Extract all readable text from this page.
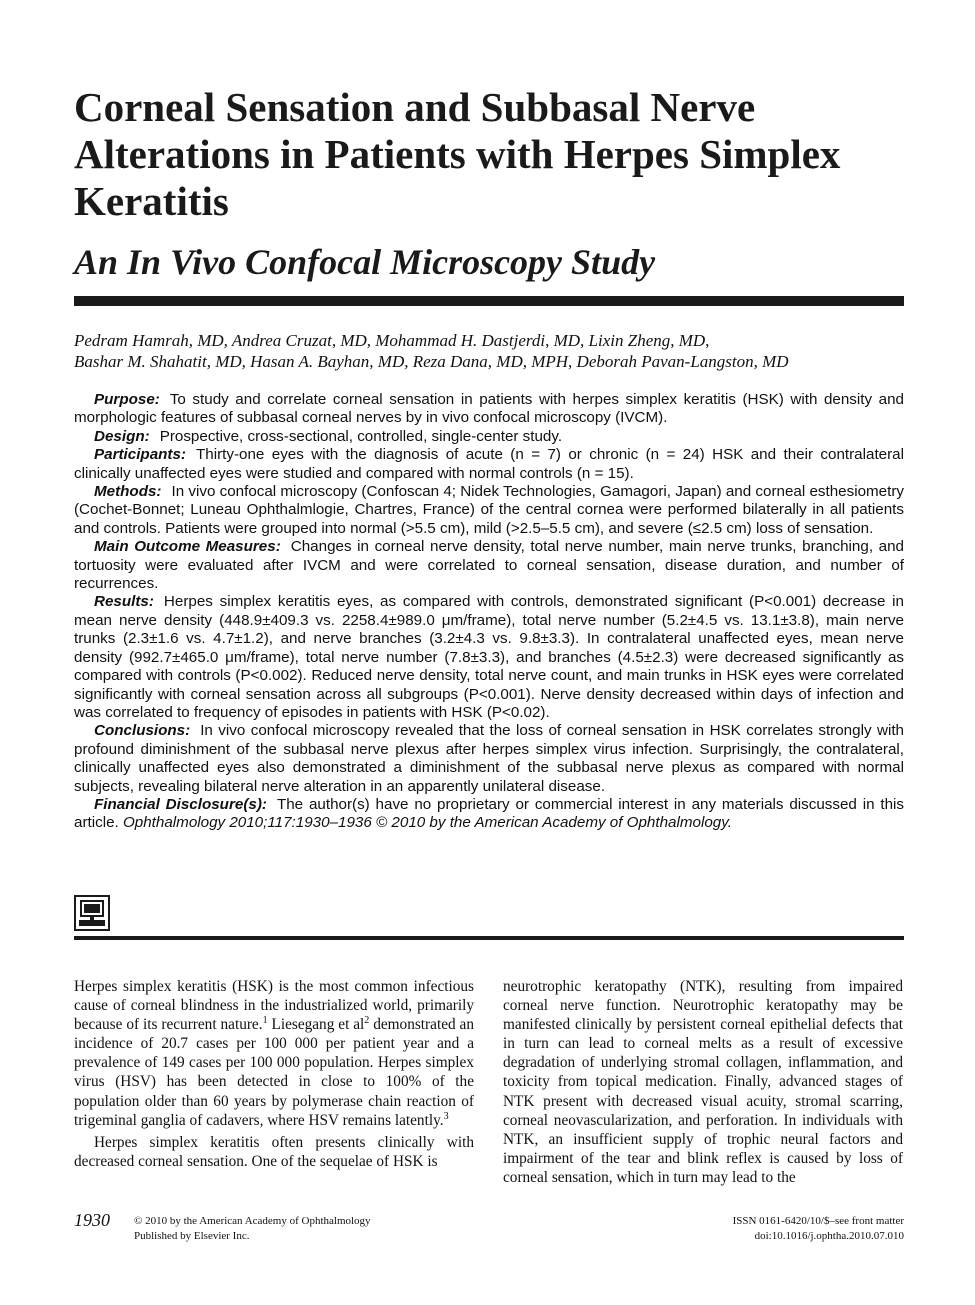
Corneal Sensation and Subbasal Nerve Alterations in Patients with Herpes Simplex Keratitis
An In Vivo Confocal Microscopy Study
Pedram Hamrah, MD, Andrea Cruzat, MD, Mohammad H. Dastjerdi, MD, Lixin Zheng, MD,
Bashar M. Shahatit, MD, Hasan A. Bayhan, MD, Reza Dana, MD, MPH, Deborah Pavan-Langston, MD

Purpose: To study and correlate corneal sensation in patients with herpes simplex keratitis (HSK) with density and morphologic features of subbasal corneal nerves by in vivo confocal microscopy (IVCM).

Design: Prospective, cross-sectional, controlled, single-center study.

Participants: Thirty-one eyes with the diagnosis of acute (n = 7) or chronic (n = 24) HSK and their contralateral clinically unaffected eyes were studied and compared with normal controls (n = 15).

Methods: In vivo confocal microscopy (Confoscan 4; Nidek Technologies, Gamagori, Japan) and corneal esthesiometry (Cochet-Bonnet; Luneau Ophthalmlogie, Chartres, France) of the central cornea were performed bilaterally in all patients and controls. Patients were grouped into normal (>5.5 cm), mild (>2.5–5.5 cm), and severe (≤2.5 cm) loss of sensation.

Main Outcome Measures: Changes in corneal nerve density, total nerve number, main nerve trunks, branching, and tortuosity were evaluated after IVCM and were correlated to corneal sensation, disease duration, and number of recurrences.

Results: Herpes simplex keratitis eyes, as compared with controls, demonstrated significant (P<0.001) decrease in mean nerve density (448.9±409.3 vs. 2258.4±989.0 μm/frame), total nerve number (5.2±4.5 vs. 13.1±3.8), main nerve trunks (2.3±1.6 vs. 4.7±1.2), and nerve branches (3.2±4.3 vs. 9.8±3.3). In contralateral unaffected eyes, mean nerve density (992.7±465.0 μm/frame), total nerve number (7.8±3.3), and branches (4.5±2.3) were decreased significantly as compared with controls (P<0.002). Reduced nerve density, total nerve count, and main trunks in HSK eyes were correlated significantly with corneal sensation across all subgroups (P<0.001). Nerve density decreased within days of infection and was correlated to frequency of episodes in patients with HSK (P<0.02).

Conclusions: In vivo confocal microscopy revealed that the loss of corneal sensation in HSK correlates strongly with profound diminishment of the subbasal nerve plexus after herpes simplex virus infection. Surprisingly, the contralateral, clinically unaffected eyes also demonstrated a diminishment of the subbasal nerve plexus as compared with normal subjects, revealing bilateral nerve alteration in an apparently unilateral disease.

Financial Disclosure(s): The author(s) have no proprietary or commercial interest in any materials discussed in this article. Ophthalmology 2010;117:1930–1936 © 2010 by the American Academy of Ophthalmology.

Herpes simplex keratitis (HSK) is the most common infectious cause of corneal blindness in the industrialized world, primarily because of its recurrent nature.$^1$ Liesegang et $al^2$ demonstrated an incidence of 20.7 cases per 100 000 per patient year and a prevalence of 149 cases per 100 000 population. Herpes simplex virus (HSV) has been detected in close to 100% of the population older than 60 years by polymerase chain reaction of trigeminal ganglia of cadavers, where HSV remains latently.$^3$

Herpes simplex keratitis often presents clinically with decreased corneal sensation. One of the sequelae of HSK is

neurotrophic keratopathy (NTK), resulting from impaired corneal nerve function. Neurotrophic keratopathy may be manifested clinically by persistent corneal epithelial defects that in turn can lead to corneal melts as a result of excessive degradation of underlying stromal collagen, inflammation, and toxicity from topical medication. Finally, advanced stages of NTK present with decreased visual acuity, stromal scarring, corneal neovascularization, and perforation. In individuals with NTK, an insufficient supply of trophic neural factors and impairment of the tear and blink reflex is caused by loss of corneal sensation, which in turn may lead to the

1930 © 2010 by the American Academy of Ophthalmology
Published by Elsevier Inc.
ISSN 0161-6420/10/$–see front matter
doi:10.1016/j.ophtha.2010.07.010
